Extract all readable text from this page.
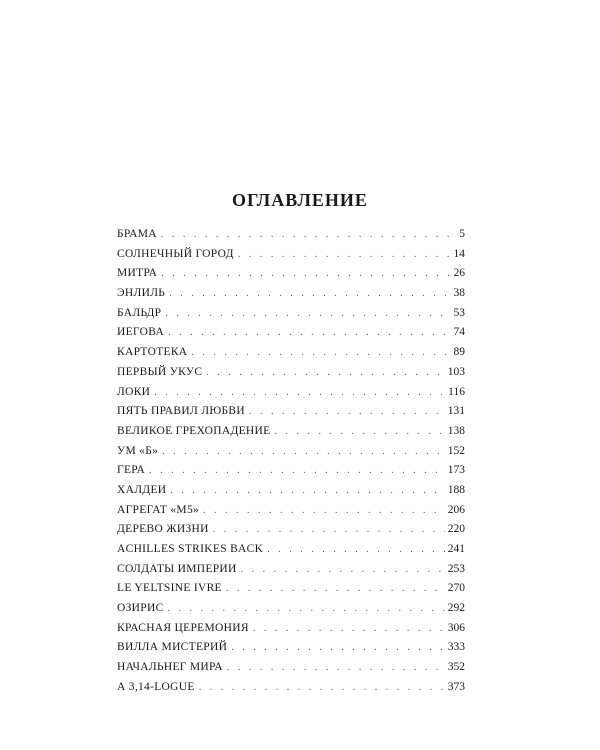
ОГЛАВЛЕНИЕ
БРАМА . . .	5
СОЛНЕЧНЫЙ ГОРОД . . .	14
МИТРА . . .	26
ЭНЛИЛЬ . . .	38
БАЛЬДР . . .	53
ИЕГОВА . . .	74
КАРТОТЕКА . . .	89
ПЕРВЫЙ УКУС . . .	103
ЛОКИ . . .	116
ПЯТЬ ПРАВИЛ ЛЮБВИ . . .	131
ВЕЛИКОЕ ГРЕХОПАДЕНИЕ . . .	138
УМ «Б» . . .	152
ГЕРА . . .	173
ХАЛДЕИ . . .	188
АГРЕГАТ «М5» . . .	206
ДЕРЕВО ЖИЗНИ . . .	220
ACHILLES STRIKES BACK . . .	241
СОЛДАТЫ ИМПЕРИИ . . .	253
LE YELTSINE IVRE . . .	270
ОЗИРИС . . .	292
КРАСНАЯ ЦЕРЕМОНИЯ . . .	306
ВИЛЛА МИСТЕРИЙ . . .	333
НАЧАЛЬНЕГ МИРА . . .	352
А 3,14-LOGUE . . .	373
